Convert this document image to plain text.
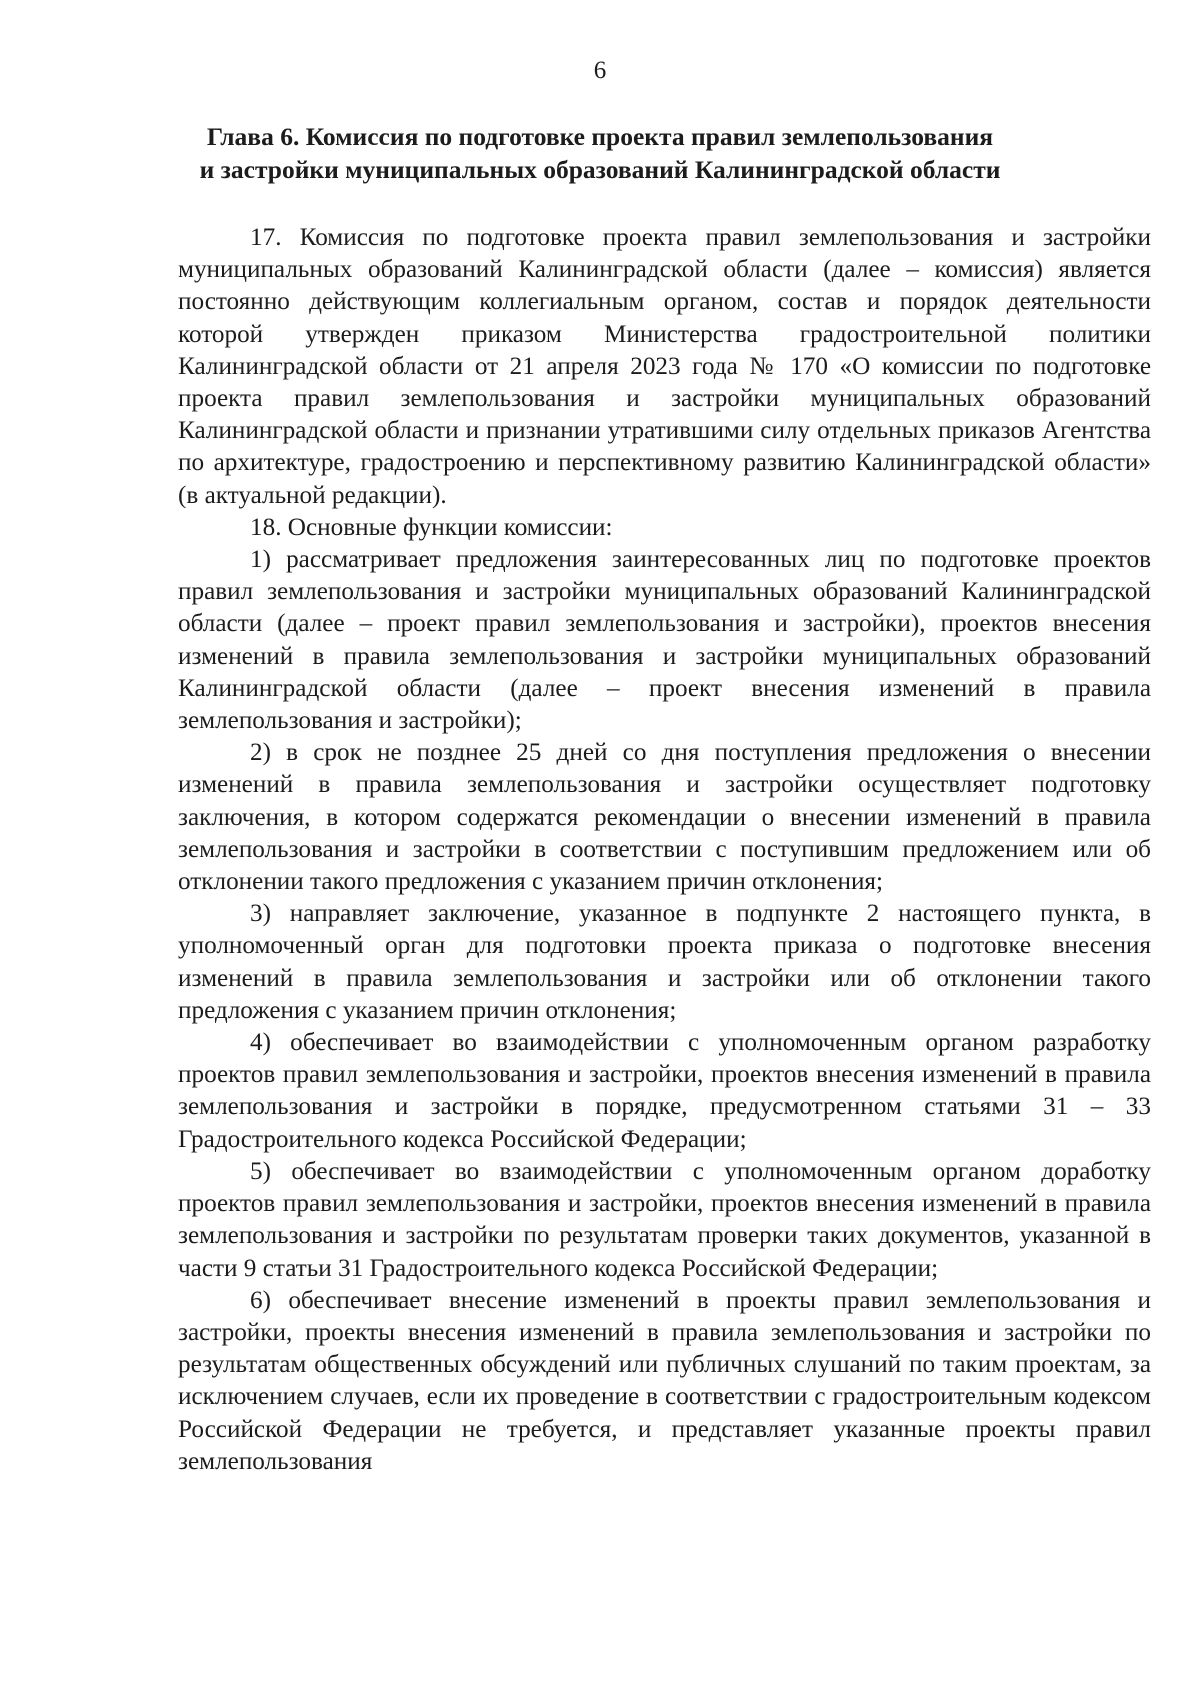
6
Глава 6. Комиссия по подготовке проекта правил землепользования
и застройки муниципальных образований Калининградской области

17. Комиссия по подготовке проекта правил землепользования и застройки муниципальных образований Калининградской области (далее – комиссия) является постоянно действующим коллегиальным органом, состав и порядок деятельности которой утвержден приказом Министерства градостроительной политики Калининградской области от 21 апреля 2023 года № 170 «О комиссии по подготовке проекта правил землепользования и застройки муниципальных образований Калининградской области и признании утратившими силу отдельных приказов Агентства по архитектуре, градостроению и перспективному развитию Калининградской области» (в актуальной редакции).

18. Основные функции комиссии:

1) рассматривает предложения заинтересованных лиц по подготовке проектов правил землепользования и застройки муниципальных образований Калининградской области (далее – проект правил землепользования и застройки), проектов внесения изменений в правила землепользования и застройки муниципальных образований Калининградской области (далее – проект внесения изменений в правила землепользования и застройки);

2) в срок не позднее 25 дней со дня поступления предложения о внесении изменений в правила землепользования и застройки осуществляет подготовку заключения, в котором содержатся рекомендации о внесении изменений в правила землепользования и застройки в соответствии с поступившим предложением или об отклонении такого предложения с указанием причин отклонения;

3) направляет заключение, указанное в подпункте 2 настоящего пункта, в уполномоченный орган для подготовки проекта приказа о подготовке внесения изменений в правила землепользования и застройки или об отклонении такого предложения с указанием причин отклонения;

4) обеспечивает во взаимодействии с уполномоченным органом разработку проектов правил землепользования и застройки, проектов внесения изменений в правила землепользования и застройки в порядке, предусмотренном статьями 31 – 33 Градостроительного кодекса Российской Федерации;

5) обеспечивает во взаимодействии с уполномоченным органом доработку проектов правил землепользования и застройки, проектов внесения изменений в правила землепользования и застройки по результатам проверки таких документов, указанной в части 9 статьи 31 Градостроительного кодекса Российской Федерации;

6) обеспечивает внесение изменений в проекты правил землепользования и застройки, проекты внесения изменений в правила землепользования и застройки по результатам общественных обсуждений или публичных слушаний по таким проектам, за исключением случаев, если их проведение в соответствии с градостроительным кодексом Российской Федерации не требуется, и представляет указанные проекты правил землепользования
